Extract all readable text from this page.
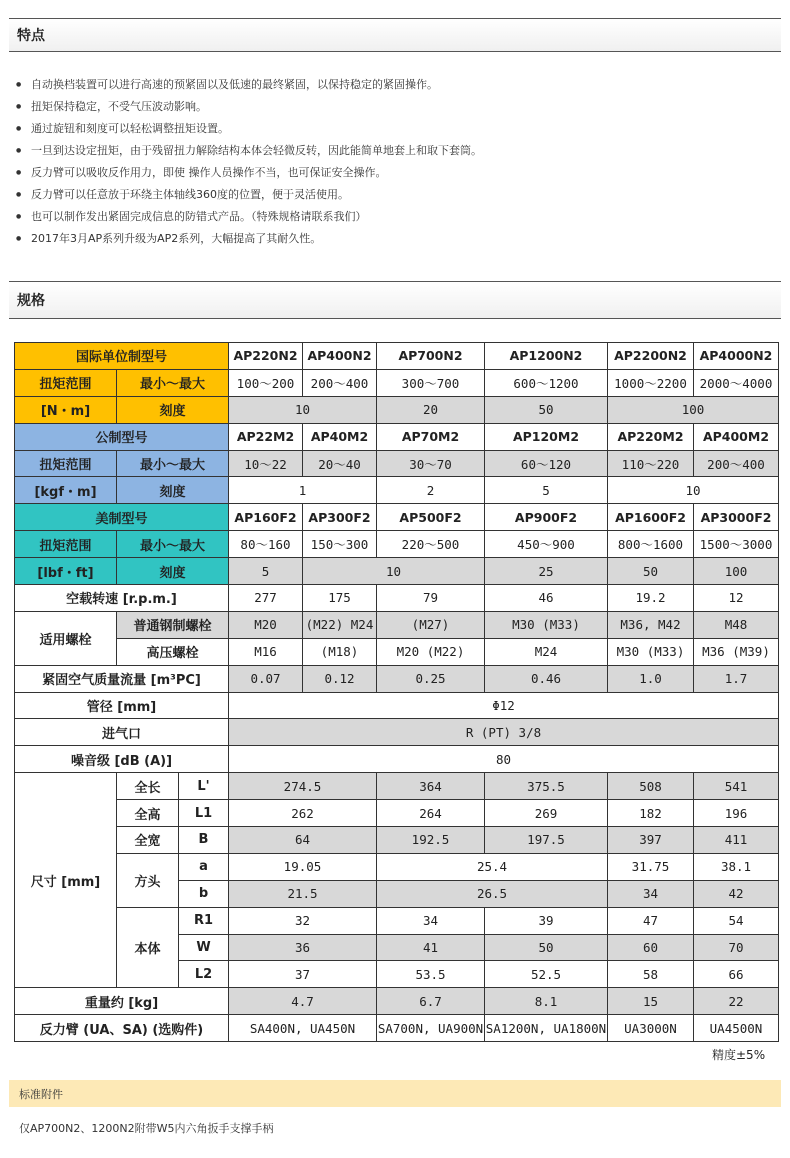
特点
● 自动换档装置可以进行高速的预紧固以及低速的最终紧固，以保持稳定的紧固操作。
● 扭矩保持稳定，不受气压波动影响。
● 通过旋钮和刻度可以轻松调整扭矩设置。
● 一旦到达设定扭矩，由于残留扭力解除结构本体会轻微反转，因此能简单地套上和取下套筒。
● 反力臂可以吸收反作用力，即使 操作人员操作不当，也可保证安全操作。
● 反力臂可以任意放于环绕主体轴线360度的位置，便于灵活使用。
● 也可以制作发出紧固完成信息的防错式产品。（特殊规格请联系我们）
● 2017年3月AP系列升级为AP2系列，大幅提高了其耐久性。
规格
国际单位制型号			AP220N2	AP400N2	AP700N2	AP1200N2	AP2200N2	AP4000N2
扭矩范围	最小～最大		100～200	200～400	300～700	600～1200	1000～2200	2000～4000
[N・m]	刻度		10		20	50	100	
公制型号			AP22M2	AP40M2	AP70M2	AP120M2	AP220M2	AP400M2
扭矩范围	最小～最大		10～22	20～40	30～70	60～120	110～220	200～400
[kgf・m]	刻度		1		2	5	10	
美制型号			AP160F2	AP300F2	AP500F2	AP900F2	AP1600F2	AP3000F2
扭矩范围	最小～最大		80～160	150～300	220～500	450～900	800～1600	1500～3000
[lbf・ft]	刻度		5	10		25	50	100
空载转速 [r.p.m.]			277	175	79	46	19.2	12
适用螺栓	普通钢制螺栓		M20	(M22) M24	(M27)	M30 (M33)	M36, M42	M48
	高压螺栓		M16	(M18)	M20 (M22)	M24	M30 (M33)	M36 (M39)
紧固空气质量流量 [m³PC]			0.07	0.12	0.25	0.46	1.0	1.7
管径 [mm]			Φ12					
进气口			R (PT) 3/8					
噪音级 [dB (A)]			80					
尺寸 [mm]	全长	L'	274.5		364	375.5	508	541
	全高	L1	262		264	269	182	196
	全宽	B	64		192.5	197.5	397	411
	方头	a	19.05		25.4		31.75	38.1
		b	21.5		26.5		34	42
	本体	R1	32		34	39	47	54
		W	36		41	50	60	70
		L2	37		53.5	52.5	58	66
重量约 [kg]			4.7		6.7	8.1	15	22
反力臂 (UA、SA) (选购件)			SA400N, UA450N		SA700N, UA900N	SA1200N, UA1800N	UA3000N	UA4500N
精度±5%
标准附件
仅AP700N2、1200N2附带W5内六角扳手支撑手柄
